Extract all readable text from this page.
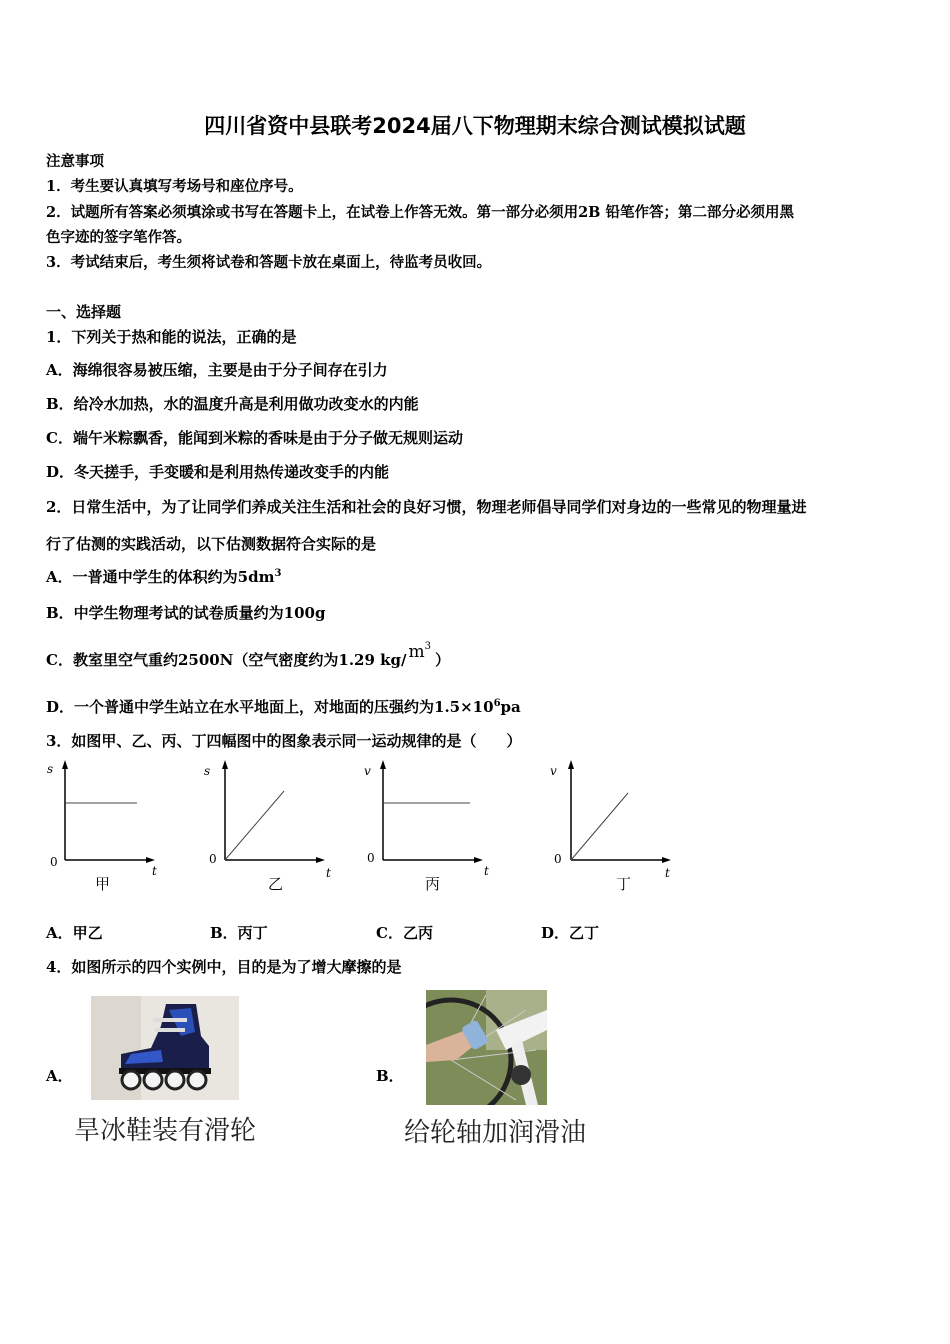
四川省资中县联考2024届八下物理期末综合测试模拟试题
注意事项
1．考生要认真填写考场号和座位序号。
2．试题所有答案必须填涂或书写在答题卡上，在试卷上作答无效。第一部分必须用2B 铅笔作答；第二部分必须用黑
色字迹的签字笔作答。
3．考试结束后，考生须将试卷和答题卡放在桌面上，待监考员收回。
一、选择题
1．下列关于热和能的说法，正确的是
A．海绵很容易被压缩，主要是由于分子间存在引力
B．给冷水加热，水的温度升高是利用做功改变水的内能
C．端午米粽飘香，能闻到米粽的香味是由于分子做无规则运动
D．冬天搓手，手变暖和是利用热传递改变手的内能
2．日常生活中，为了让同学们养成关注生活和社会的良好习惯，物理老师倡导同学们对身边的一些常见的物理量进
行了估测的实践活动，以下估测数据符合实际的是
A．一普通中学生的体积约为$5dm^3$
B．中学生物理考试的试卷质量约为100g
C．教室里空气重约2500N（空气密度约为1.29 kg/ $m^3$）
D．一个普通中学生站立在水平地面上，对地面的压强约为$1.5\times 10^6pa$
3．如图甲、乙、丙、丁四幅图中的图象表示同一运动规律的是（　　）
s
0
t
甲
s
0
t
乙
v
0
t
丙
v
0
t
丁
A．甲乙	B．丙丁	C．乙丙	D．乙丁
4．如图所示的四个实例中，目的是为了增大摩擦的是
A．
旱冰鞋装有滑轮
B．
给轮轴加润滑油
